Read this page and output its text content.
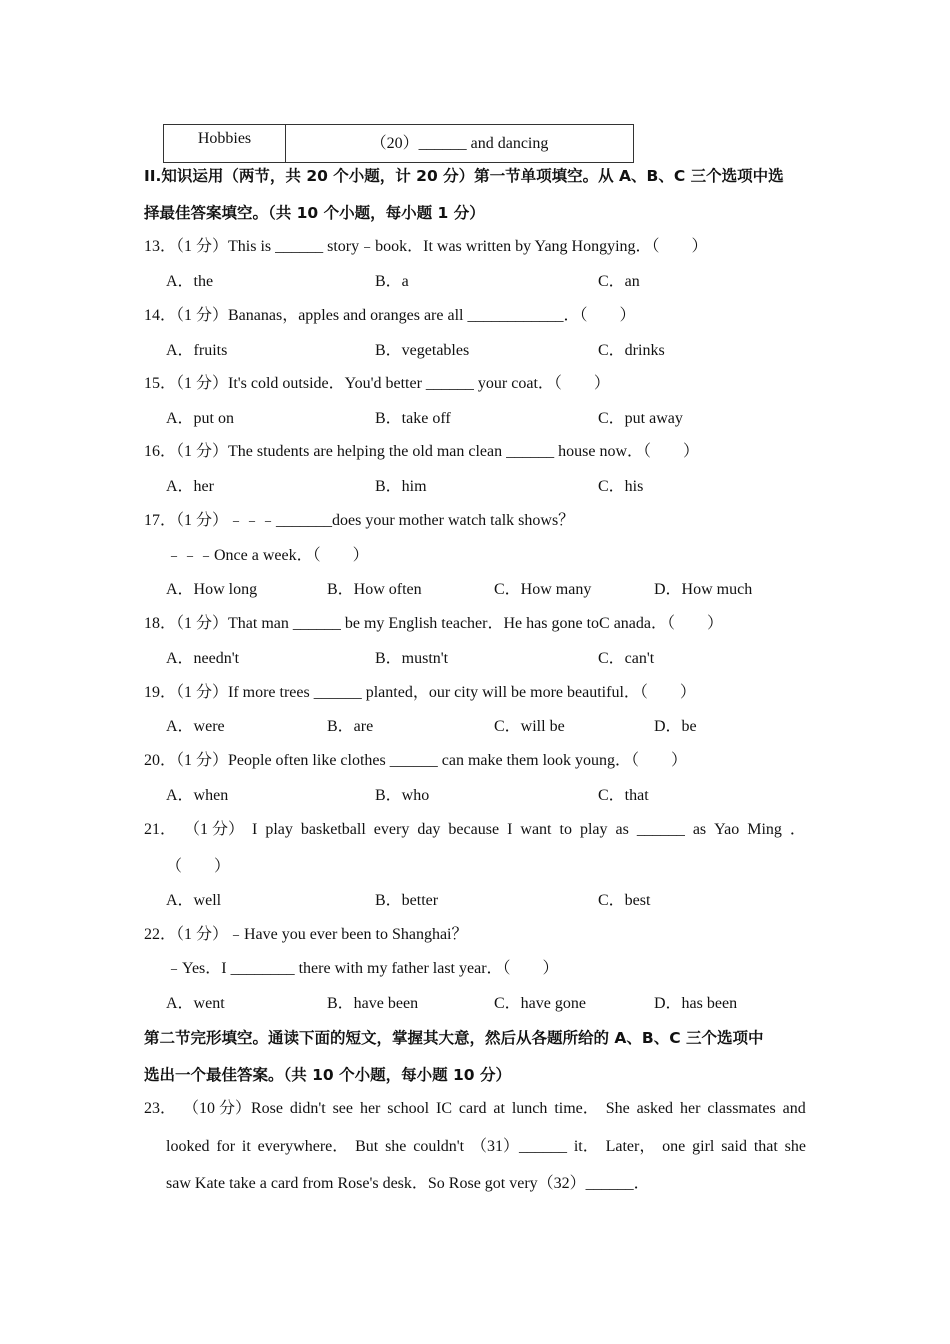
Hobbies	（20）______ and dancing
II.知识运用（两节，共 20 个小题，计 20 分）第一节单项填空。从 A、B、C 三个选项中选
择最佳答案填空。（共 10 个小题，每小题 1 分）
13．（1 分）This is ______ story﹣book．It was written by Yang Hongying．（　　）
A．the	B．a	C．an
14．（1 分）Bananas，apples and oranges are all ____________．（　　）
A．fruits	B．vegetables	C．drinks
15．（1 分）It's cold outside．You'd better ______ your coat．（　　）
A．put on	B．take off	C．put away
16．（1 分）The students are helping the old man clean ______ house now．（　　）
A．her	B．him	C．his
17．（1 分）﹣﹣﹣_______does your mother watch talk shows？
﹣﹣﹣Once a week．（　　）
A．How long	B．How often	C．How many	D．How much
18．（1 分）That man ______ be my English teacher．He has gone toC anada．（　　）
A．needn't	B．mustn't	C．can't
19．（1 分）If more trees ______ planted，our city will be more beautiful．（　　）
A．were	B．are	C．will be	D．be
20．（1 分）People often like clothes ______ can make them look young．（　　）
A．when	B．who	C．that
21． （1 分） I play basketball every day because I want to play as ______ as Yao Ming ．
（　　）
A．well	B．better	C．best
22．（1 分）﹣Have you ever been to Shanghai？
﹣Yes．I ________ there with my father last year．（　　）
A．went	B．have been	C．have gone	D．has been
第二节完形填空。通读下面的短文，掌握其大意，然后从各题所给的 A、B、C 三个选项中
选出一个最佳答案。（共 10 个小题，每小题 10 分）
23． （10 分）Rose didn't see her school IC card at lunch time． She asked her classmates and
looked for it everywhere． But she couldn't （31）______ it． Later， one girl said that she
saw Kate take a card from Rose's desk．So Rose got very（32）______．
